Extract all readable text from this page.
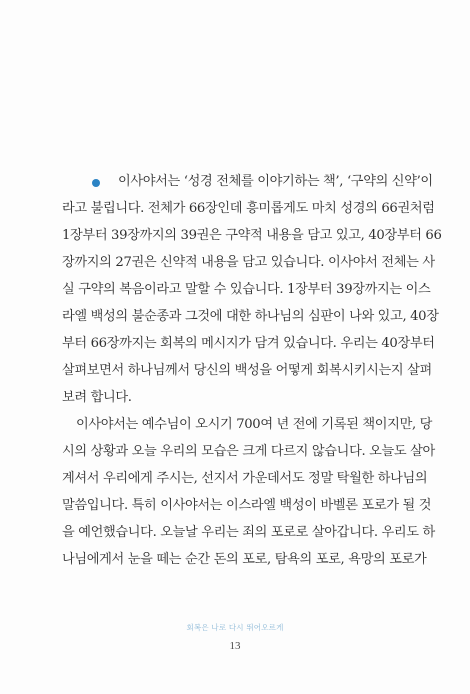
이사야서는 ‘성경 전체를 이야기하는 책’, ‘구약의 신약’이
라고 불립니다. 전체가 66장인데 흥미롭게도 마치 성경의 66권처럼
1장부터 39장까지의 39권은 구약적 내용을 담고 있고, 40장부터 66
장까지의 27권은 신약적 내용을 담고 있습니다. 이사야서 전체는 사
실 구약의 복음이라고 말할 수 있습니다. 1장부터 39장까지는 이스
라엘 백성의 불순종과 그것에 대한 하나님의 심판이 나와 있고, 40장
부터 66장까지는 회복의 메시지가 담겨 있습니다. 우리는 40장부터
살펴보면서 하나님께서 당신의 백성을 어떻게 회복시키시는지 살펴
보려 합니다.
이사야서는 예수님이 오시기 700여 년 전에 기록된 책이지만, 당
시의 상황과 오늘 우리의 모습은 크게 다르지 않습니다. 오늘도 살아
계셔서 우리에게 주시는, 선지서 가운데서도 정말 탁월한 하나님의
말씀입니다. 특히 이사야서는 이스라엘 백성이 바벨론 포로가 될 것
을 예언했습니다. 오늘날 우리는 죄의 포로로 살아갑니다. 우리도 하
나님에게서 눈을 떼는 순간 돈의 포로, 탐욕의 포로, 욕망의 포로가
회복은 나로 다시 뛰어오르게
13
